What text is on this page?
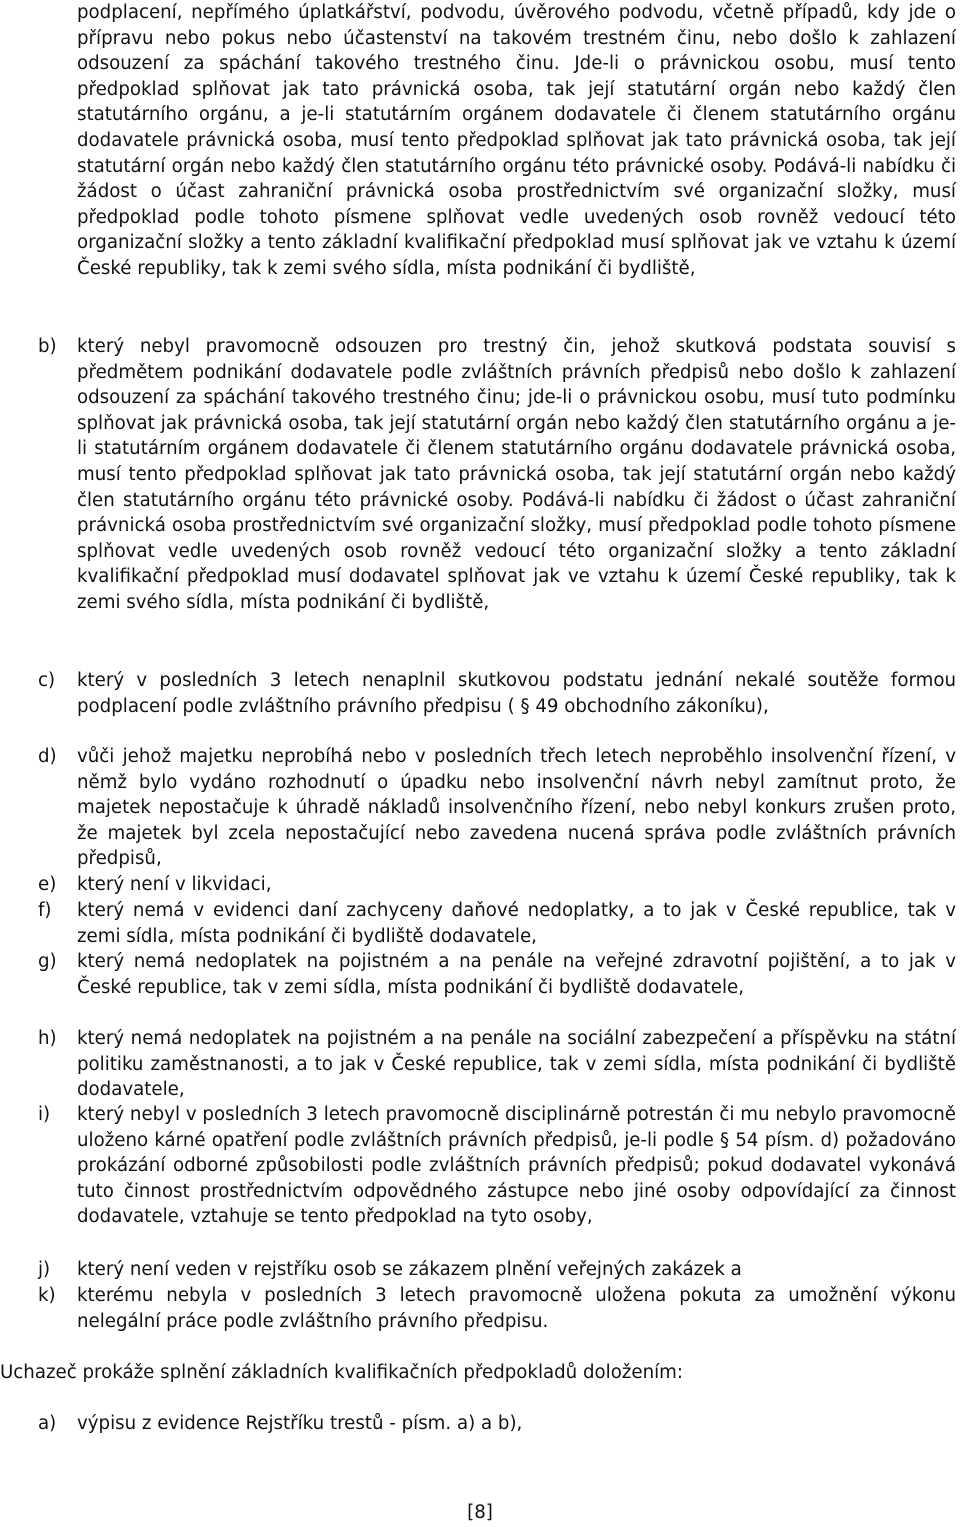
podplacení, nepřímého úplatkářství, podvodu, úvěrového podvodu, včetně případů, kdy jde o přípravu nebo pokus nebo účastenství na takovém trestném činu, nebo došlo k zahlazení odsouzení za spáchání takového trestného činu. Jde-li o právnickou osobu, musí tento předpoklad splňovat jak tato právnická osoba, tak její statutární orgán nebo každý člen statutárního orgánu, a je-li statutárním orgánem dodavatele či členem statutárního orgánu dodavatele právnická osoba, musí tento předpoklad splňovat jak tato právnická osoba, tak její statutární orgán nebo každý člen statutárního orgánu této právnické osoby. Podává-li nabídku či žádost o účast zahraniční právnická osoba prostřednictvím své organizační složky, musí předpoklad podle tohoto písmene splňovat vedle uvedených osob rovněž vedoucí této organizační složky a tento základní kvalifikační předpoklad musí splňovat jak ve vztahu k území České republiky, tak k zemi svého sídla, místa podnikání či bydliště,
b) který nebyl pravomocně odsouzen pro trestný čin, jehož skutková podstata souvisí s předmětem podnikání dodavatele podle zvláštních právních předpisů nebo došlo k zahlazení odsouzení za spáchání takového trestného činu; jde-li o právnickou osobu, musí tuto podmínku splňovat jak právnická osoba, tak její statutární orgán nebo každý člen statutárního orgánu a je-li statutárním orgánem dodavatele či členem statutárního orgánu dodavatele právnická osoba, musí tento předpoklad splňovat jak tato právnická osoba, tak její statutární orgán nebo každý člen statutárního orgánu této právnické osoby. Podává-li nabídku či žádost o účast zahraniční právnická osoba prostřednictvím své organizační složky, musí předpoklad podle tohoto písmene splňovat vedle uvedených osob rovněž vedoucí této organizační složky a tento základní kvalifikační předpoklad musí dodavatel splňovat jak ve vztahu k území České republiky, tak k zemi svého sídla, místa podnikání či bydliště,
c) který v posledních 3 letech nenaplnil skutkovou podstatu jednání nekalé soutěže formou podplacení podle zvláštního právního předpisu ( § 49 obchodního zákoníku),
d) vůči jehož majetku neprobíhá nebo v posledních třech letech neproběhlo insolvenční řízení, v němž bylo vydáno rozhodnutí o úpadku nebo insolvenční návrh nebyl zamítnut proto, že majetek nepostačuje k úhradě nákladů insolvenčního řízení, nebo nebyl konkurs zrušen proto, že majetek byl zcela nepostačující nebo zavedena nucená správa podle zvláštních právních předpisů,
e) který není v likvidaci,
f) který nemá v evidenci daní zachyceny daňové nedoplatky, a to jak v České republice, tak v zemi sídla, místa podnikání či bydliště dodavatele,
g) který nemá nedoplatek na pojistném a na penále na veřejné zdravotní pojištění, a to jak v České republice, tak v zemi sídla, místa podnikání či bydliště dodavatele,
h) který nemá nedoplatek na pojistném a na penále na sociální zabezpečení a příspěvku na státní politiku zaměstnanosti, a to jak v České republice, tak v zemi sídla, místa podnikání či bydliště dodavatele,
i) který nebyl v posledních 3 letech pravomocně disciplinárně potrestán či mu nebylo pravomocně uloženo kárné opatření podle zvláštních právních předpisů, je-li podle § 54 písm. d) požadováno prokázání odborné způsobilosti podle zvláštních právních předpisů; pokud dodavatel vykonává tuto činnost prostřednictvím odpovědného zástupce nebo jiné osoby odpovídající za činnost dodavatele, vztahuje se tento předpoklad na tyto osoby,
j) který není veden v rejstříku osob se zákazem plnění veřejných zakázek a
k) kterému nebyla v posledních 3 letech pravomocně uložena pokuta za umožnění výkonu nelegální práce podle zvláštního právního předpisu.

Uchazeč prokáže splnění základních kvalifikačních předpokladů doložením:

a) výpisu z evidence Rejstříku trestů - písm. a) a b),
[8]
